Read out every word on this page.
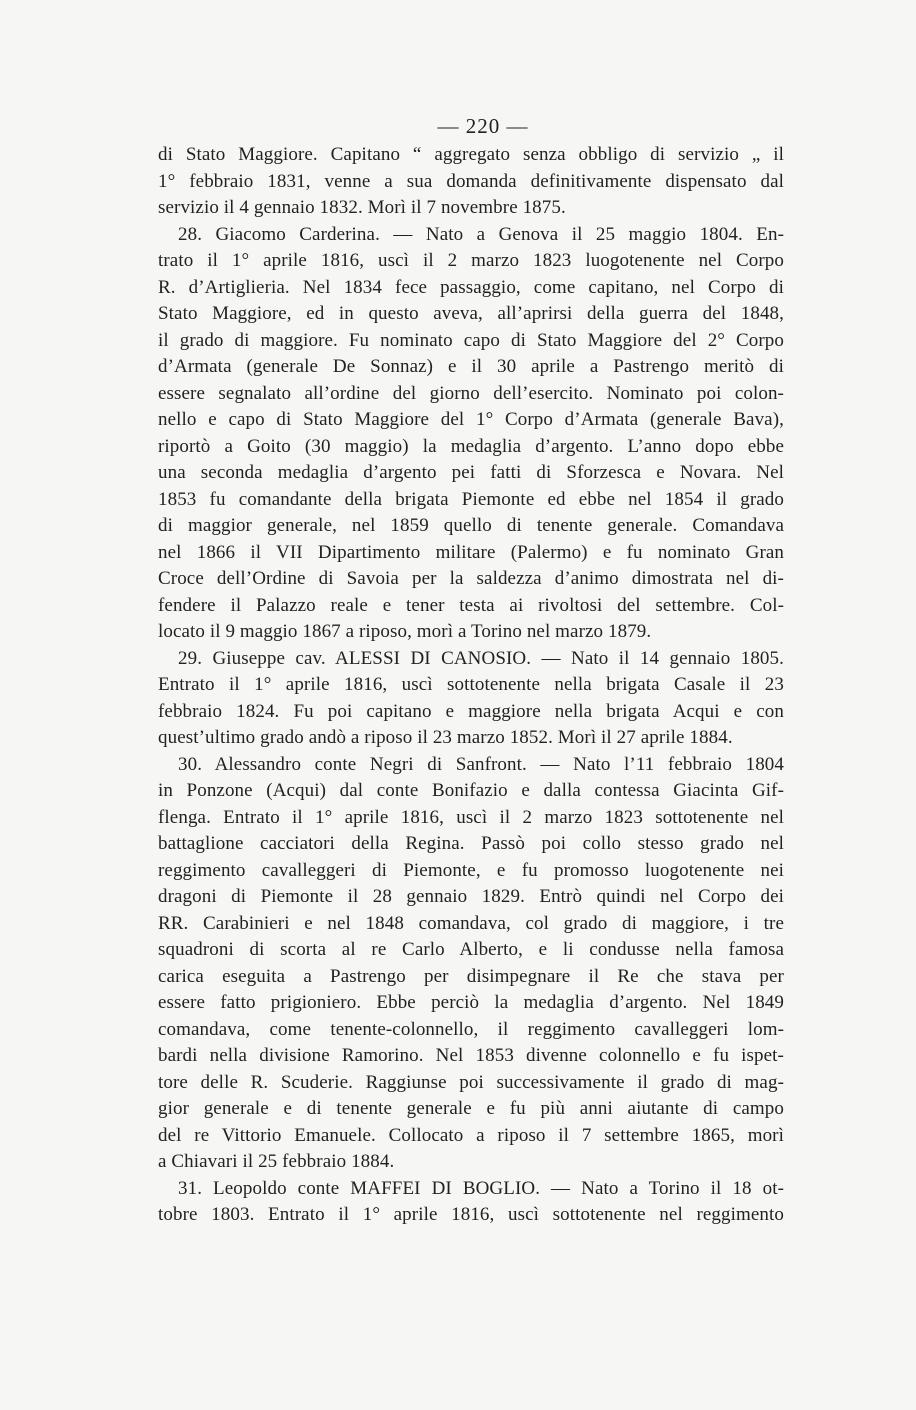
— 220 —
di Stato Maggiore. Capitano “ aggregato senza obbligo di servizio „ il
1° febbraio 1831, venne a sua domanda definitivamente dispensato dal
servizio il 4 gennaio 1832. Morì il 7 novembre 1875.
28. Giacomo Carderina. — Nato a Genova il 25 maggio 1804. En-
trato il 1° aprile 1816, uscì il 2 marzo 1823 luogotenente nel Corpo
R. d’Artiglieria. Nel 1834 fece passaggio, come capitano, nel Corpo di
Stato Maggiore, ed in questo aveva, all’aprirsi della guerra del 1848,
il grado di maggiore. Fu nominato capo di Stato Maggiore del 2° Corpo
d’Armata (generale De Sonnaz) e il 30 aprile a Pastrengo meritò di
essere segnalato all’ordine del giorno dell’esercito. Nominato poi colon-
nello e capo di Stato Maggiore del 1° Corpo d’Armata (generale Bava),
riportò a Goito (30 maggio) la medaglia d’argento. L’anno dopo ebbe
una seconda medaglia d’argento pei fatti di Sforzesca e Novara. Nel
1853 fu comandante della brigata Piemonte ed ebbe nel 1854 il grado
di maggior generale, nel 1859 quello di tenente generale. Comandava
nel 1866 il VII Dipartimento militare (Palermo) e fu nominato Gran
Croce dell’Ordine di Savoia per la saldezza d’animo dimostrata nel di-
fendere il Palazzo reale e tener testa ai rivoltosi del settembre. Col-
locato il 9 maggio 1867 a riposo, morì a Torino nel marzo 1879.
29. Giuseppe cav. ALESSI DI CANOSIO. — Nato il 14 gennaio 1805.
Entrato il 1° aprile 1816, uscì sottotenente nella brigata Casale il 23
febbraio 1824. Fu poi capitano e maggiore nella brigata Acqui e con
quest’ultimo grado andò a riposo il 23 marzo 1852. Morì il 27 aprile 1884.
30. Alessandro conte Negri di Sanfront. — Nato l’11 febbraio 1804
in Ponzone (Acqui) dal conte Bonifazio e dalla contessa Giacinta Gif-
flenga. Entrato il 1° aprile 1816, uscì il 2 marzo 1823 sottotenente nel
battaglione cacciatori della Regina. Passò poi collo stesso grado nel
reggimento cavalleggeri di Piemonte, e fu promosso luogotenente nei
dragoni di Piemonte il 28 gennaio 1829. Entrò quindi nel Corpo dei
RR. Carabinieri e nel 1848 comandava, col grado di maggiore, i tre
squadroni di scorta al re Carlo Alberto, e li condusse nella famosa
carica eseguita a Pastrengo per disimpegnare il Re che stava per
essere fatto prigioniero. Ebbe perciò la medaglia d’argento. Nel 1849
comandava, come tenente-colonnello, il reggimento cavalleggeri lom-
bardi nella divisione Ramorino. Nel 1853 divenne colonnello e fu ispet-
tore delle R. Scuderie. Raggiunse poi successivamente il grado di mag-
gior generale e di tenente generale e fu più anni aiutante di campo
del re Vittorio Emanuele. Collocato a riposo il 7 settembre 1865, morì
a Chiavari il 25 febbraio 1884.
31. Leopoldo conte MAFFEI DI BOGLIO. — Nato a Torino il 18 ot-
tobre 1803. Entrato il 1° aprile 1816, uscì sottotenente nel reggimento
